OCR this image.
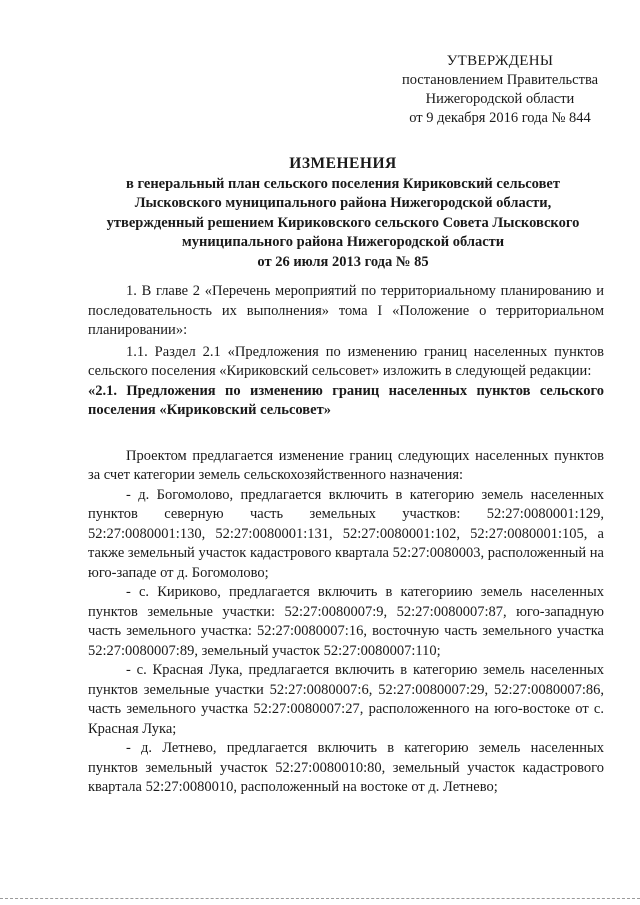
УТВЕРЖДЕНЫ
постановлением Правительства
Нижегородской области
от 9 декабря 2016 года № 844
ИЗМЕНЕНИЯ
в генеральный план сельского поселения Кириковский сельсовет
Лысковского муниципального района Нижегородской области,
утвержденный решением Кириковского сельского Совета Лысковского
муниципального района Нижегородской области
от 26 июля 2013 года № 85

1. В главе 2 «Перечень мероприятий по территориальному планированию и последовательность их выполнения» тома I «Положение о территориальном планировании»:

1.1. Раздел 2.1 «Предложения по изменению границ населенных пунктов сельского поселения «Кириковский сельсовет» изложить в следующей редакции:

«2.1. Предложения по изменению границ населенных пунктов сельского поселения «Кириковский сельсовет»

Проектом предлагается изменение границ следующих населенных пунктов за счет категории земель сельскохозяйственного назначения:

- д. Богомолово, предлагается включить в категорию земель населенных пунктов северную часть земельных участков: 52:27:0080001:129, 52:27:0080001:130, 52:27:0080001:131, 52:27:0080001:102, 52:27:0080001:105, а также земельный участок кадастрового квартала 52:27:0080003, расположенный на юго-западе от д. Богомолово;

- с. Кириково, предлагается включить в категориию земель населенных пунктов земельные участки: 52:27:0080007:9, 52:27:0080007:87, юго-западную часть земельного участка: 52:27:0080007:16, восточную часть земельного участка 52:27:0080007:89, земельный участок 52:27:0080007:110;

- с. Красная Лука, предлагается включить в категорию земель населенных пунктов земельные участки 52:27:0080007:6, 52:27:0080007:29, 52:27:0080007:86, часть земельного участка 52:27:0080007:27, расположенного на юго-востоке от с. Красная Лука;

- д. Летнево, предлагается включить в категорию земель населенных пунктов земельный участок 52:27:0080010:80, земельный участок кадастрового квартала 52:27:0080010, расположенный на востоке от д. Летнево;
